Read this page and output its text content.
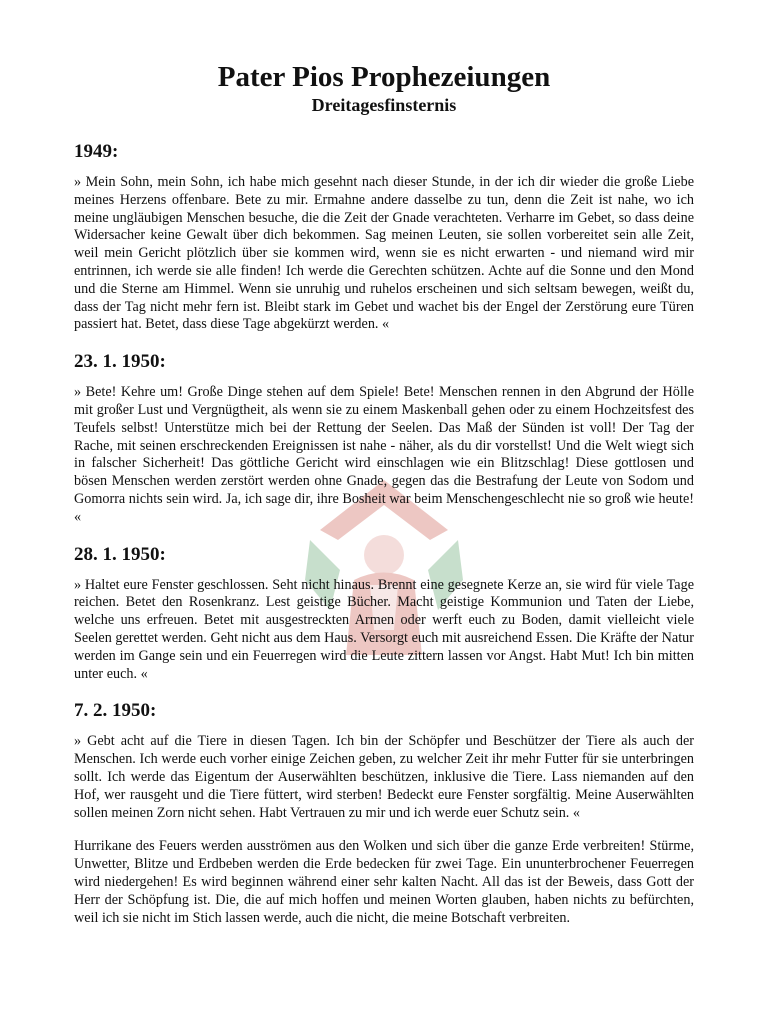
Pater Pios Prophezeiungen
Dreitagesfinsternis
1949:

» Mein Sohn, mein Sohn, ich habe mich gesehnt nach dieser Stunde, in der ich dir wieder die große Liebe meines Herzens offenbare. Bete zu mir. Ermahne andere dasselbe zu tun, denn die Zeit ist nahe, wo ich meine ungläubigen Menschen besuche, die die Zeit der Gnade verachteten. Verharre im Gebet, so dass deine Widersacher keine Gewalt über dich bekommen. Sag meinen Leuten, sie sollen vorbereitet sein alle Zeit, weil mein Gericht plötzlich über sie kommen wird, wenn sie es nicht erwarten - und niemand wird mir entrinnen, ich werde sie alle finden! Ich werde die Gerechten schützen. Achte auf die Sonne und den Mond und die Sterne am Himmel. Wenn sie unruhig und ruhelos erscheinen und sich seltsam bewegen, weißt du, dass der Tag nicht mehr fern ist. Bleibt stark im Gebet und wachet bis der Engel der Zerstörung eure Türen passiert hat. Betet, dass diese Tage abgekürzt werden. «

23. 1. 1950:

» Bete! Kehre um! Große Dinge stehen auf dem Spiele! Bete! Menschen rennen in den Abgrund der Hölle mit großer Lust und Vergnügtheit, als wenn sie zu einem Maskenball gehen oder zu einem Hochzeitsfest des Teufels selbst! Unterstütze mich bei der Rettung der Seelen. Das Maß der Sünden ist voll! Der Tag der Rache, mit seinen erschreckenden Ereignissen ist nahe - näher, als du dir vorstellst! Und die Welt wiegt sich in falscher Sicherheit! Das göttliche Gericht wird einschlagen wie ein Blitzschlag! Diese gottlosen und bösen Menschen werden zerstört werden ohne Gnade, gegen das die Bestrafung der Leute von Sodom und Gomorra nichts sein wird. Ja, ich sage dir, ihre Bosheit war beim Menschengeschlecht nie so groß wie heute! «

28. 1. 1950:

» Haltet eure Fenster geschlossen. Seht nicht hinaus. Brennt eine gesegnete Kerze an, sie wird für viele Tage reichen. Betet den Rosenkranz. Lest geistige Bücher. Macht geistige Kommunion und Taten der Liebe, welche uns erfreuen. Betet mit ausgestreckten Armen oder werft euch zu Boden, damit vielleicht viele Seelen gerettet werden. Geht nicht aus dem Haus. Versorgt euch mit ausreichend Essen. Die Kräfte der Natur werden im Gange sein und ein Feuerregen wird die Leute zittern lassen vor Angst. Habt Mut! Ich bin mitten unter euch. «

7. 2. 1950:

» Gebt acht auf die Tiere in diesen Tagen. Ich bin der Schöpfer und Beschützer der Tiere als auch der Menschen. Ich werde euch vorher einige Zeichen geben, zu welcher Zeit ihr mehr Futter für sie unterbringen sollt. Ich werde das Eigentum der Auserwählten beschützen, inklusive die Tiere. Lass niemanden auf den Hof, wer rausgeht und die Tiere füttert, wird sterben! Bedeckt eure Fenster sorgfältig. Meine Auserwählten sollen meinen Zorn nicht sehen. Habt Vertrauen zu mir und ich werde euer Schutz sein. «

Hurrikane des Feuers werden ausströmen aus den Wolken und sich über die ganze Erde verbreiten! Stürme, Unwetter, Blitze und Erdbeben werden die Erde bedecken für zwei Tage. Ein ununterbrochener Feuerregen wird niedergehen! Es wird beginnen während einer sehr kalten Nacht. All das ist der Beweis, dass Gott der Herr der Schöpfung ist. Die, die auf mich hoffen und meinen Worten glauben, haben nichts zu befürchten, weil ich sie nicht im Stich lassen werde, auch die nicht, die meine Botschaft verbreiten.
